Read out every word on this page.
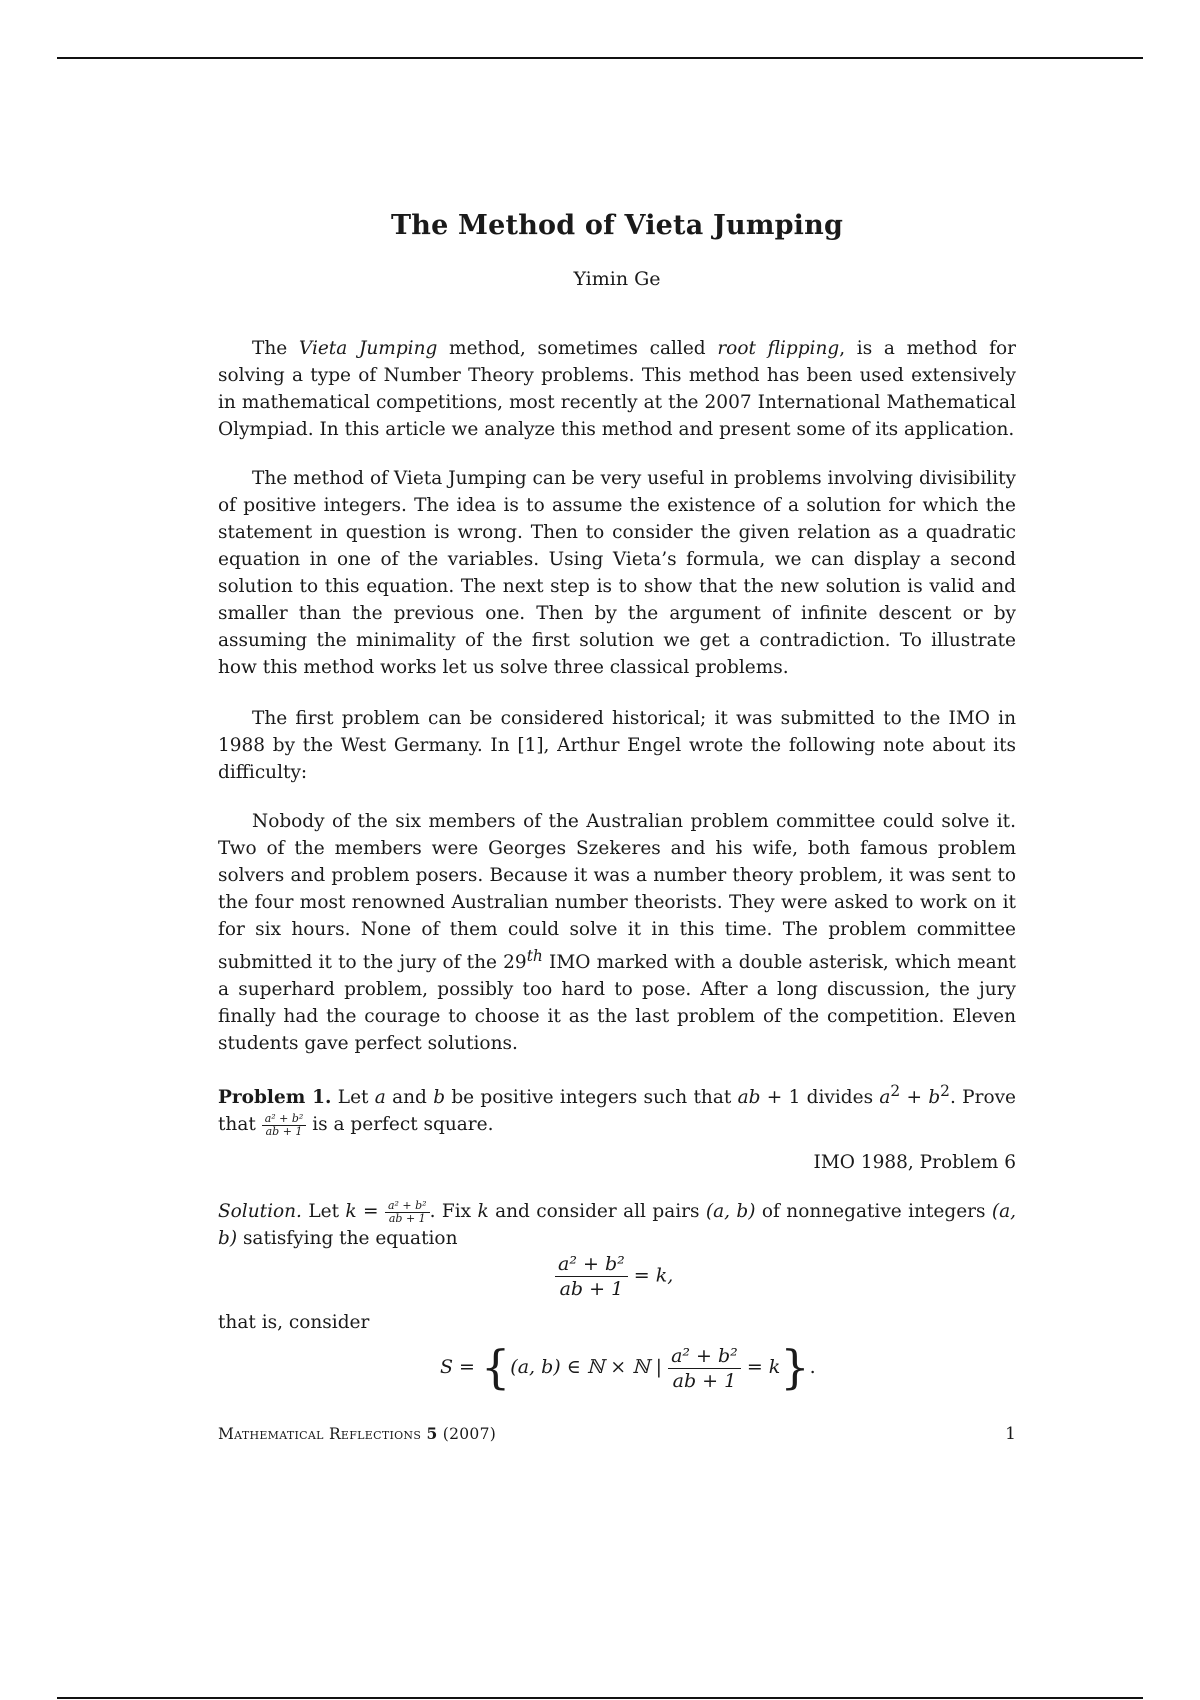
The Method of Vieta Jumping
Yimin Ge

The Vieta Jumping method, sometimes called root flipping, is a method for solving a type of Number Theory problems. This method has been used extensively in mathematical competitions, most recently at the 2007 International Mathematical Olympiad. In this article we analyze this method and present some of its application.

The method of Vieta Jumping can be very useful in problems involving divisibility of positive integers. The idea is to assume the existence of a solution for which the statement in question is wrong. Then to consider the given relation as a quadratic equation in one of the variables. Using Vieta’s formula, we can display a second solution to this equation. The next step is to show that the new solution is valid and smaller than the previous one. Then by the argument of infinite descent or by assuming the minimality of the first solution we get a contradiction. To illustrate how this method works let us solve three classical problems.

The first problem can be considered historical; it was submitted to the IMO in 1988 by the West Germany. In [1], Arthur Engel wrote the following note about its difficulty:

Nobody of the six members of the Australian problem committee could solve it. Two of the members were Georges Szekeres and his wife, both famous problem solvers and problem posers. Because it was a number theory problem, it was sent to the four most renowned Australian number theorists. They were asked to work on it for six hours. None of them could solve it in this time. The problem committee submitted it to the jury of the 29th IMO marked with a double asterisk, which meant a superhard problem, possibly too hard to pose. After a long discussion, the jury finally had the courage to choose it as the last problem of the competition. Eleven students gave perfect solutions.

Problem 1. Let a and b be positive integers such that ab + 1 divides $a^2 + b^2$. Prove that $\frac{\text{a² + b²}}{ab + 1}$ is a perfect square.

IMO 1988, Problem 6

Solution. Let $k = \frac{\text{a² + b²}}{ab + 1}$ . Fix k and consider all pairs (a, b) of nonnegative integers (a, b) satisfying the equation

$\frac{\text{a² + b²}}{ab + 1} = k$,
that is, consider
S = {(a, b) ∈ ℕ × ℕ | $\frac{\text{a² + b²}}{ab + 1} = k$}.
Mathematical Reflections 5 (2007)	1
